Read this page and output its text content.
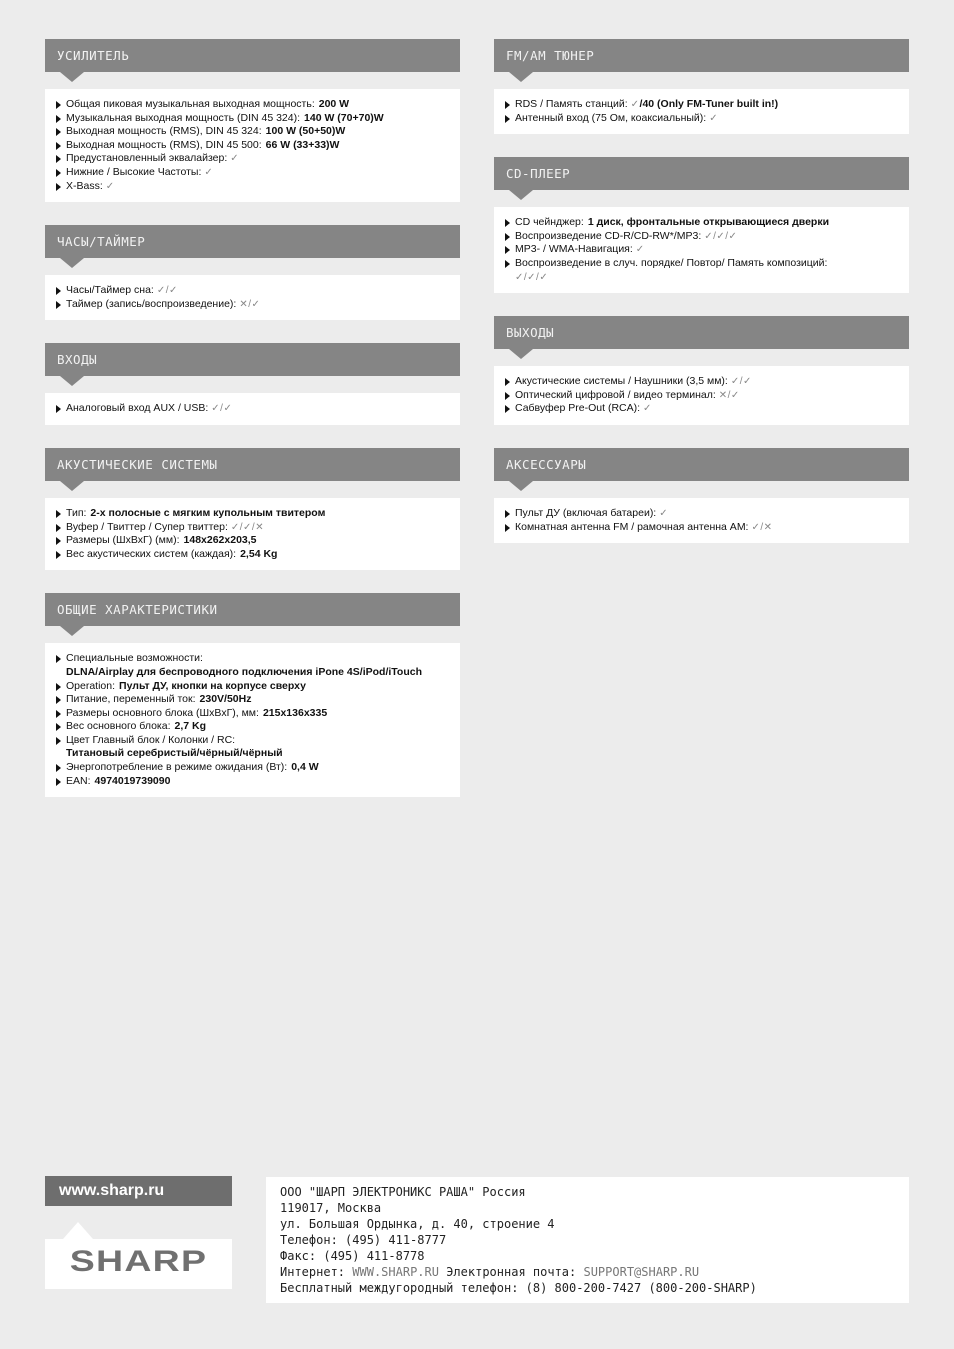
УСИЛИТЕЛЬ
Общая пиковая музыкальная выходная мощность: 200 W
Музыкальная выходная мощность (DIN 45 324): 140 W (70+70)W
Выходная мощность (RMS), DIN 45 324: 100 W (50+50)W
Выходная мощность (RMS), DIN 45 500: 66 W (33+33)W
Предустановленный эквалайзер: ✓
Нижние / Высокие Частоты: ✓
X-Bass: ✓
ЧАСЫ/ТАЙМЕР
Часы/Таймер сна: ✓/✓
Таймер (запись/воспроизведение): ✕/✓
ВХОДЫ
Аналоговый вход AUX / USB: ✓/✓
АКУСТИЧЕСКИЕ СИСТЕМЫ
Тип: 2-х полосные с мягким купольным твитером
Вуфер / Твиттер / Супер твиттер: ✓/✓/✕
Размеры (ШхВхГ) (мм): 148x262x203,5
Вес акустических систем (каждая): 2,54 Kg
ОБЩИЕ ХАРАКТЕРИСТИКИ
Специальные возможности:
DLNA/Airplay для беспроводного подключения iPone 4S/iPod/iTouch
Operation: Пульт ДУ, кнопки на корпусе сверху
Питание, переменный ток: 230V/50Hz
Размеры основного блока (ШхВхГ), мм: 215x136x335
Вес основного блока: 2,7 Kg
Цвет Главный блок / Колонки / RC:
Титановый серебристый/чёрный/чёрный
Энергопотребление в режиме ожидания (Вт): 0,4 W
EAN: 4974019739090
FM/AM ТЮНЕР
RDS / Память станций: ✓/40 (Only FM-Tuner built in!)
Антенный вход (75 Ом, коаксиальный): ✓
CD-ПЛЕЕР
CD чейнджер: 1 диск, фронтальные открывающиеся дверки
Воспроизведение CD-R/CD-RW*/MP3: ✓/✓/✓
MP3- / WMA-Навигация: ✓
Воспроизведение в случ. порядке/ Повтор/ Память композиций:
✓/✓/✓
ВЫХОДЫ
Акустические системы / Наушники (3,5 мм): ✓/✓
Оптический цифровой / видео терминал: ✕/✓
Сабвуфер Pre-Out (RCA): ✓
АКСЕССУАРЫ
Пульт ДУ (включая батареи): ✓
Комнатная антенна FM / рамочная антенна AM: ✓/✕
www.sharp.ru
SHARP
ООО "ШАРП ЭЛЕКТРОНИКС РАША" Россия
119017, Москва
ул. Большая Ордынка, д. 40, строение 4
Телефон: (495) 411-8777
Факс: (495) 411-8778
Интернет: WWW.SHARP.RU Электронная почта: SUPPORT@SHARP.RU
Бесплатный междугородный телефон: (8) 800-200-7427 (800-200-SHARP)
